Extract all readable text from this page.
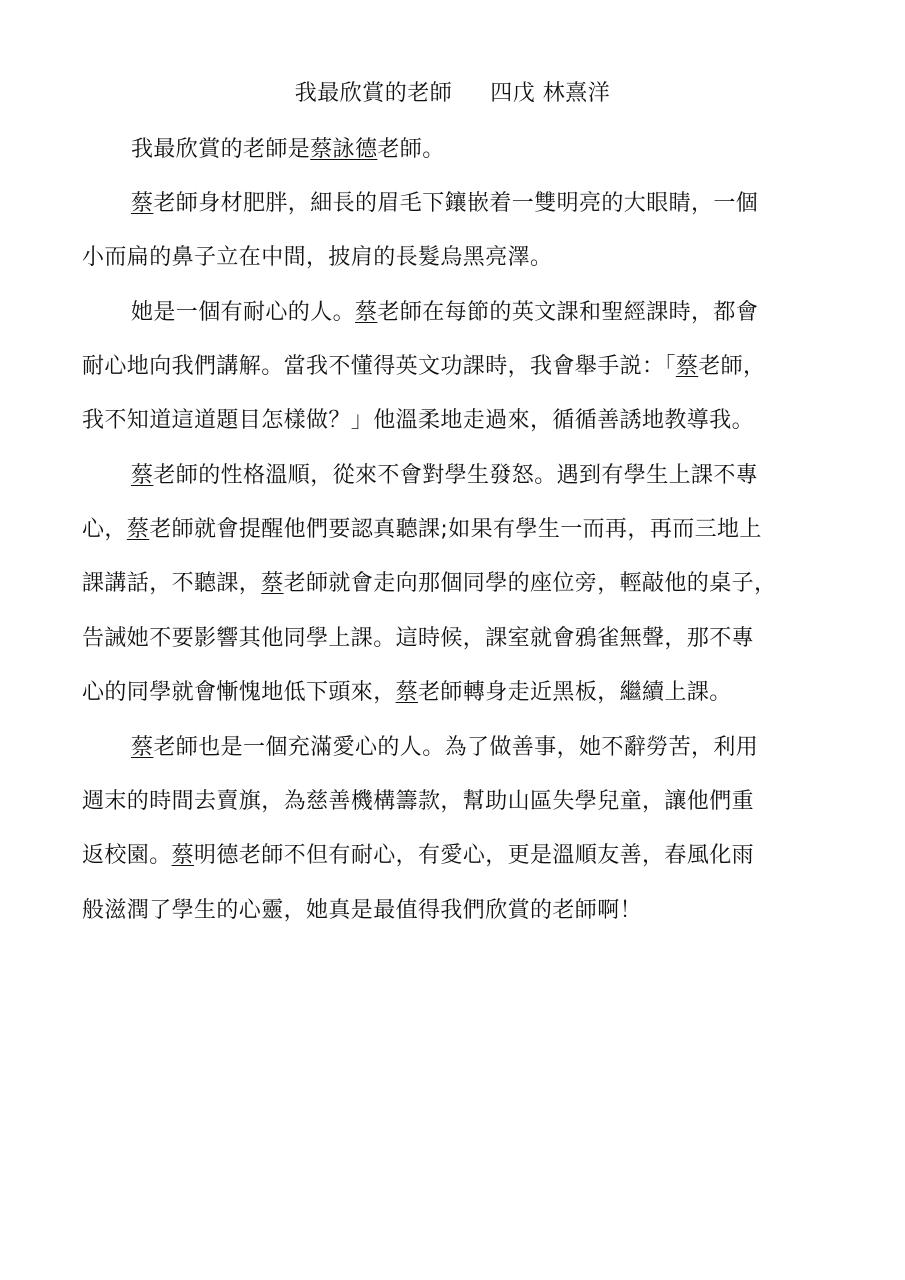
我最欣賞的老師 四戊 林熹洋
我最欣賞的老師是蔡詠德老師。
蔡老師身材肥胖，細長的眉毛下鑲嵌着一雙明亮的大眼睛，一個
小而扁的鼻子立在中間，披肩的長髮烏黑亮澤。
她是一個有耐心的人。蔡老師在每節的英文課和聖經課時，都會
耐心地向我們講解。當我不懂得英文功課時，我會舉手説：「蔡老師，
我不知道這道題目怎樣做？」他溫柔地走過來，循循善誘地教導我。
蔡老師的性格溫順，從來不會對學生發怒。遇到有學生上課不專
心，蔡老師就會提醒他們要認真聽課;如果有學生一而再，再而三地上
課講話，不聽課，蔡老師就會走向那個同學的座位旁，輕敲他的桌子，
告誡她不要影響其他同學上課。這時候，課室就會鴉雀無聲，那不專
心的同學就會慚愧地低下頭來，蔡老師轉身走近黑板，繼續上課。
蔡老師也是一個充滿愛心的人。為了做善事，她不辭勞苦，利用
週末的時間去賣旗，為慈善機構籌款，幫助山區失學兒童，讓他們重
返校園。蔡明德老師不但有耐心，有愛心，更是溫順友善，春風化雨
般滋潤了學生的心靈，她真是最值得我們欣賞的老師啊！
